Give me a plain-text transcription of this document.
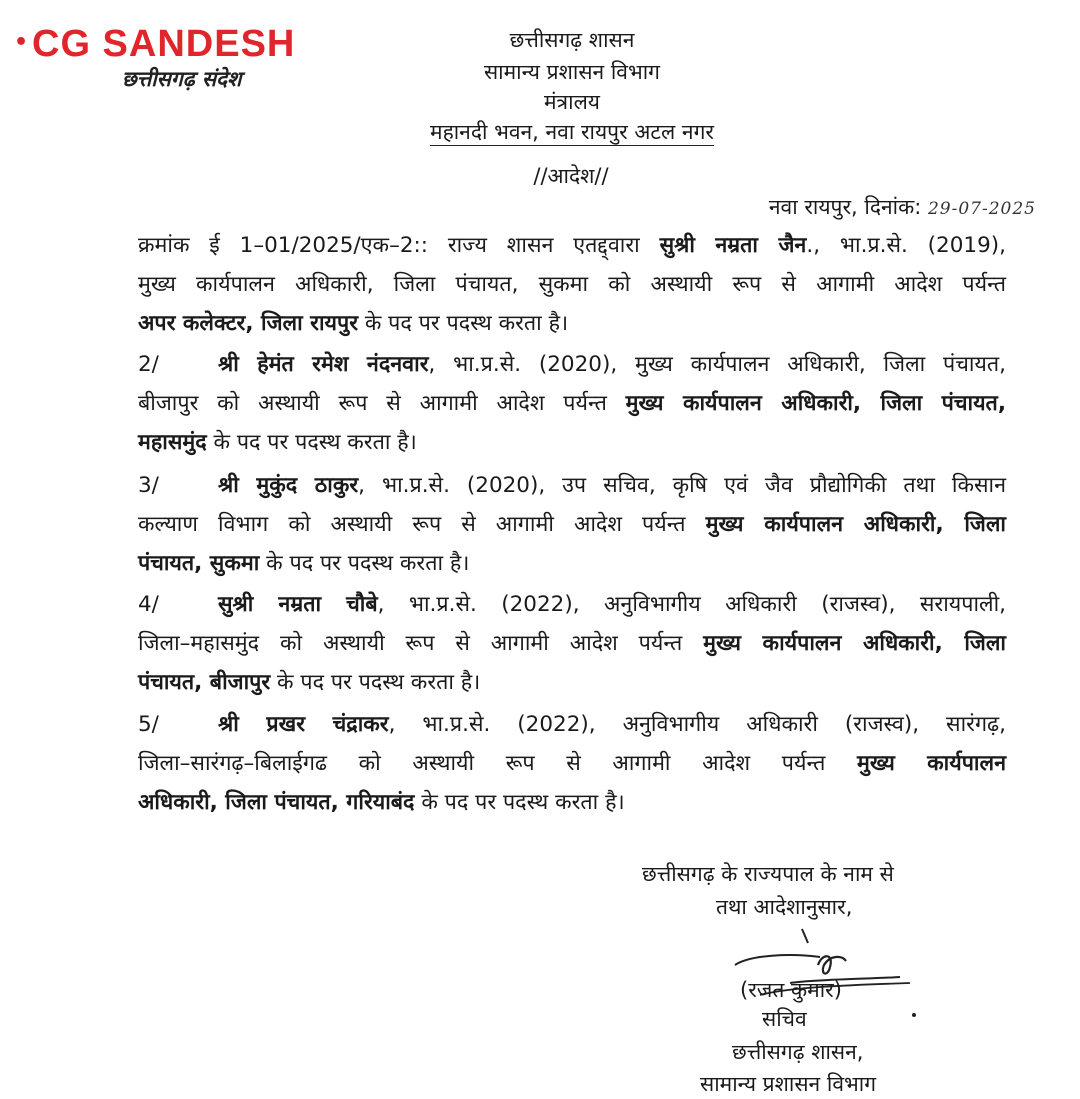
• CG SANDESH
छत्तीसगढ़ संदेश
छत्तीसगढ़ शासन
सामान्य प्रशासन विभाग
मंत्रालय
महानदी भवन, नवा रायपुर अटल नगर
//आदेश//
नवा रायपुर, दिनांक: 29-07-2025
क्रमांक ई 1–01/2025/एक–2:: राज्य शासन एतद्द्वारा सुश्री नम्रता जैन., भा.प्र.से. (2019),
मुख्य कार्यपालन अधिकारी, जिला पंचायत, सुकमा को अस्थायी रूप से आगामी आदेश पर्यन्त
अपर कलेक्टर, जिला रायपुर के पद पर पदस्थ करता है।
2/	श्री हेमंत रमेश नंदनवार, भा.प्र.से. (2020), मुख्य कार्यपालन अधिकारी, जिला पंचायत,
बीजापुर को अस्थायी रूप से आगामी आदेश पर्यन्त मुख्य कार्यपालन अधिकारी, जिला पंचायत,
महासमुंद के पद पर पदस्थ करता है।
3/	श्री मुकुंद ठाकुर, भा.प्र.से. (2020), उप सचिव, कृषि एवं जैव प्रौद्योगिकी तथा किसान
कल्याण विभाग को अस्थायी रूप से आगामी आदेश पर्यन्त मुख्य कार्यपालन अधिकारी, जिला
पंचायत, सुकमा के पद पर पदस्थ करता है।
4/	सुश्री नम्रता चौबे, भा.प्र.से. (2022), अनुविभागीय अधिकारी (राजस्व), सरायपाली,
जिला–महासमुंद को अस्थायी रूप से आगामी आदेश पर्यन्त मुख्य कार्यपालन अधिकारी, जिला
पंचायत, बीजापुर के पद पर पदस्थ करता है।
5/	श्री प्रखर चंद्राकर, भा.प्र.से. (2022), अनुविभागीय अधिकारी (राजस्व), सारंगढ़,
जिला–सारंगढ़–बिलाईगढ को अस्थायी रूप से आगामी आदेश पर्यन्त मुख्य कार्यपालन
अधिकारी, जिला पंचायत, गरियाबंद के पद पर पदस्थ करता है।
छत्तीसगढ़ के राज्यपाल के नाम से
तथा आदेशानुसार,
(रजत कुमार)
सचिव
छत्तीसगढ़ शासन,
सामान्य प्रशासन विभाग
